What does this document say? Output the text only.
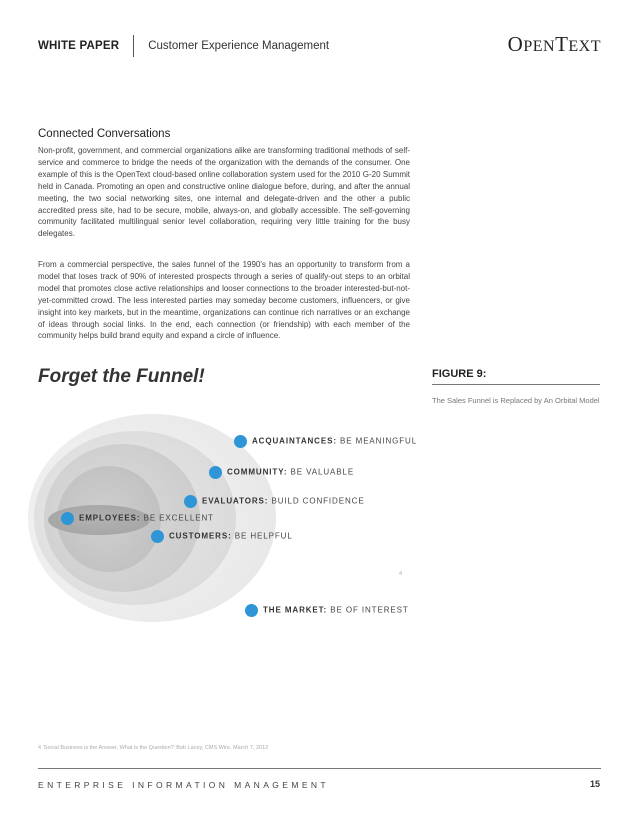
WHITE PAPER	Customer Experience Management	OPENTEXT
Connected Conversations

Non-profit, government, and commercial organizations alike are transforming traditional methods of self-service and commerce to bridge the needs of the organization with the demands of the consumer. One example of this is the OpenText cloud-based online collaboration system used for the 2010 G-20 Summit held in Canada. Promoting an open and constructive online dialogue before, during, and after the annual meeting, the two social networking sites, one internal and delegate-driven and the other a public accredited press site, had to be secure, mobile, always-on, and globally accessible. The self-governing community facilitated multilingual senior level collaboration, requiring very little training for the busy delegates.

From a commercial perspective, the sales funnel of the 1990's has an opportunity to transform from a model that loses track of 90% of interested prospects through a series of qualify-out steps to an orbital model that promotes close active relationships and looser connections to the broader interested-but-not-yet-committed crowd. The less interested parties may someday become customers, influencers, or give insight into key markets, but in the meantime, organizations can continue rich narratives or an exchange of ideas through social links. In the end, each connection (or friendship) with each member of the community helps build brand equity and expand a circle of influence.

Forget the Funnel!	FIGURE 9:
The Sales Funnel is Replaced by An Orbital Model
ACQUAINTANCES: BE MEANINGFUL
COMMUNITY: BE VALUABLE
EVALUATORS: BUILD CONFIDENCE
EMPLOYEES: BE EXCELLENT
CUSTOMERS: BE HELPFUL
THE MARKET: BE OF INTEREST
4
4 ‘Social Business is the Answer, What is the Question?’ Bob Lacey, CMS Wire, March 7, 2012
ENTERPRISE INFORMATION MANAGEMENT	15
